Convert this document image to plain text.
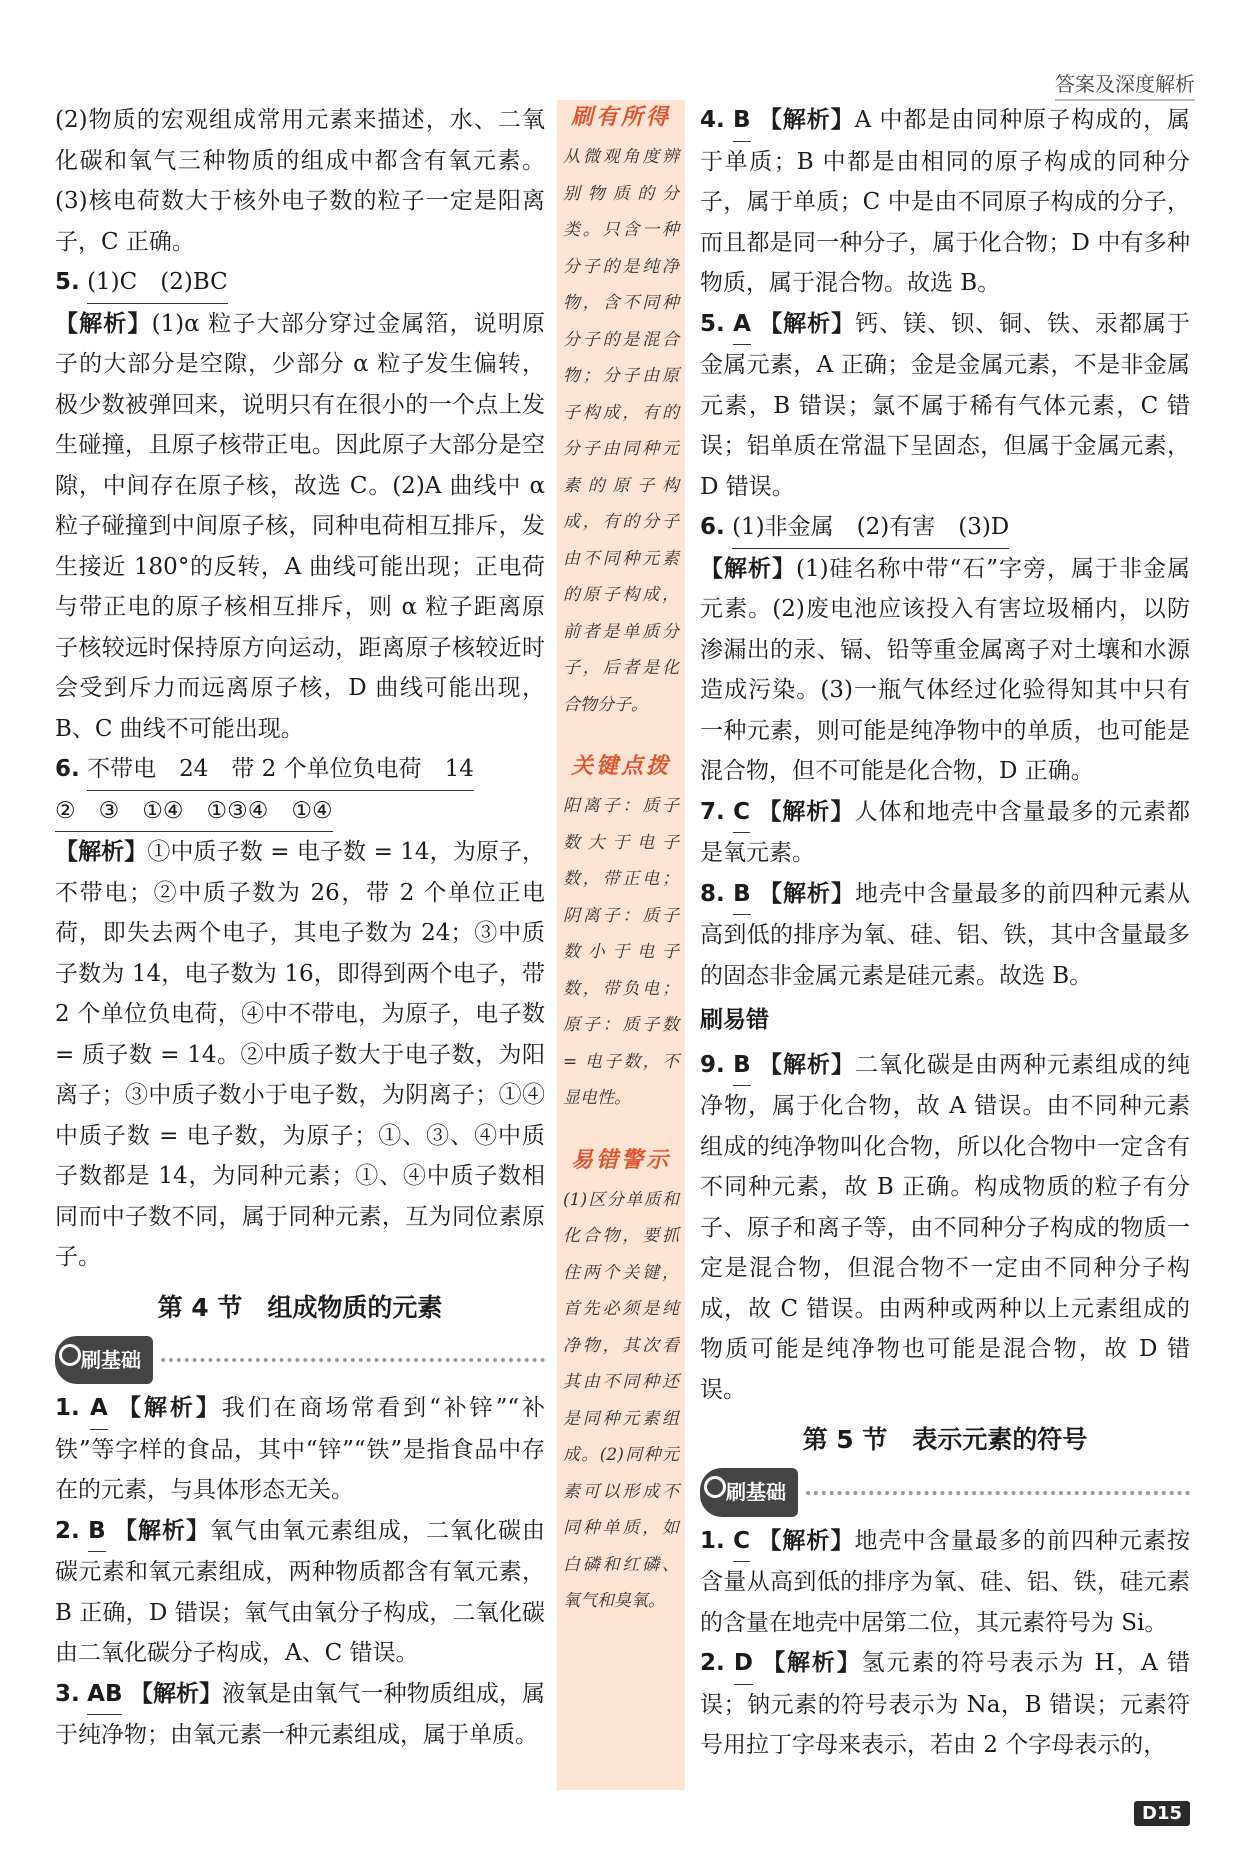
答案及深度解析

(2)物质的宏观组成常用元素来描述，水、二氧化碳和氧气三种物质的组成中都含有氧元素。(3)核电荷数大于核外电子数的粒子一定是阳离子，C 正确。

5. (1)C　(2)BC
【解析】(1)α 粒子大部分穿过金属箔，说明原子的大部分是空隙，少部分 α 粒子发生偏转，极少数被弹回来，说明只有在很小的一个点上发生碰撞，且原子核带正电。因此原子大部分是空隙，中间存在原子核，故选 C。(2)A 曲线中 α 粒子碰撞到中间原子核，同种电荷相互排斥，发生接近 180°的反转，A 曲线可能出现；正电荷与带正电的原子核相互排斥，则 α 粒子距离原子核较远时保持原方向运动，距离原子核较近时会受到斥力而远离原子核，D 曲线可能出现，B、C 曲线不可能出现。

6. 不带电　24　带 2 个单位负电荷　14
②　③　①④　①③④　①④
【解析】①中质子数 = 电子数 = 14，为原子，不带电；②中质子数为 26，带 2 个单位正电荷，即失去两个电子，其电子数为 24；③中质子数为 14，电子数为 16，即得到两个电子，带 2 个单位负电荷，④中不带电，为原子，电子数 = 质子数 = 14。②中质子数大于电子数，为阳离子；③中质子数小于电子数，为阴离子；①④中质子数 = 电子数，为原子；①、③、④中质子数都是 14，为同种元素；①、④中质子数相同而中子数不同，属于同种元素，互为同位素原子。

第 4 节　组成物质的元素
刷基础

1. A 【解析】我们在商场常看到“补锌”“补铁”等字样的食品，其中“锌”“铁”是指食品中存在的元素，与具体形态无关。

2. B 【解析】氧气由氧元素组成，二氧化碳由碳元素和氧元素组成，两种物质都含有氧元素，B 正确，D 错误；氧气由氧分子构成，二氧化碳由二氧化碳分子构成，A、C 错误。

3. AB 【解析】液氧是由氧气一种物质组成，属于纯净物；由氧元素一种元素组成，属于单质。

刷有所得
从微观角度辨别物质的分类。只含一种分子的是纯净物，含不同种分子的是混合物；分子由原子构成，有的分子由同种元素的原子构成，有的分子由不同种元素的原子构成，前者是单质分子，后者是化合物分子。
关键点拨
阳离子：质子数大于电子数，带正电；阴离子：质子数小于电子数，带负电；原子：质子数 = 电子数，不显电性。
易错警示
(1)区分单质和化合物，要抓住两个关键，首先必须是纯净物，其次看其由不同种还是同种元素组成。(2)同种元素可以形成不同种单质，如白磷和红磷、氧气和臭氧。

4. B 【解析】A 中都是由同种原子构成的，属于单质；B 中都是由相同的原子构成的同种分子，属于单质；C 中是由不同原子构成的分子，而且都是同一种分子，属于化合物；D 中有多种物质，属于混合物。故选 B。

5. A 【解析】钙、镁、钡、铜、铁、汞都属于金属元素，A 正确；金是金属元素，不是非金属元素，B 错误；氯不属于稀有气体元素，C 错误；铝单质在常温下呈固态，但属于金属元素，D 错误。

6. (1)非金属　(2)有害　(3)D
【解析】(1)硅名称中带“石”字旁，属于非金属元素。(2)废电池应该投入有害垃圾桶内，以防渗漏出的汞、镉、铅等重金属离子对土壤和水源造成污染。(3)一瓶气体经过化验得知其中只有一种元素，则可能是纯净物中的单质，也可能是混合物，但不可能是化合物，D 正确。

7. C 【解析】人体和地壳中含量最多的元素都是氧元素。

8. B 【解析】地壳中含量最多的前四种元素从高到低的排序为氧、硅、铝、铁，其中含量最多的固态非金属元素是硅元素。故选 B。

刷易错

9. B 【解析】二氧化碳是由两种元素组成的纯净物，属于化合物，故 A 错误。由不同种元素组成的纯净物叫化合物，所以化合物中一定含有不同种元素，故 B 正确。构成物质的粒子有分子、原子和离子等，由不同种分子构成的物质一定是混合物，但混合物不一定由不同种分子构成，故 C 错误。由两种或两种以上元素组成的物质可能是纯净物也可能是混合物，故 D 错误。

第 5 节　表示元素的符号
刷基础

1. C 【解析】地壳中含量最多的前四种元素按含量从高到低的排序为氧、硅、铝、铁，硅元素的含量在地壳中居第二位，其元素符号为 Si。

2. D 【解析】氢元素的符号表示为 H，A 错误；钠元素的符号表示为 Na，B 错误；元素符号用拉丁字母来表示，若由 2 个字母表示的，

D15
